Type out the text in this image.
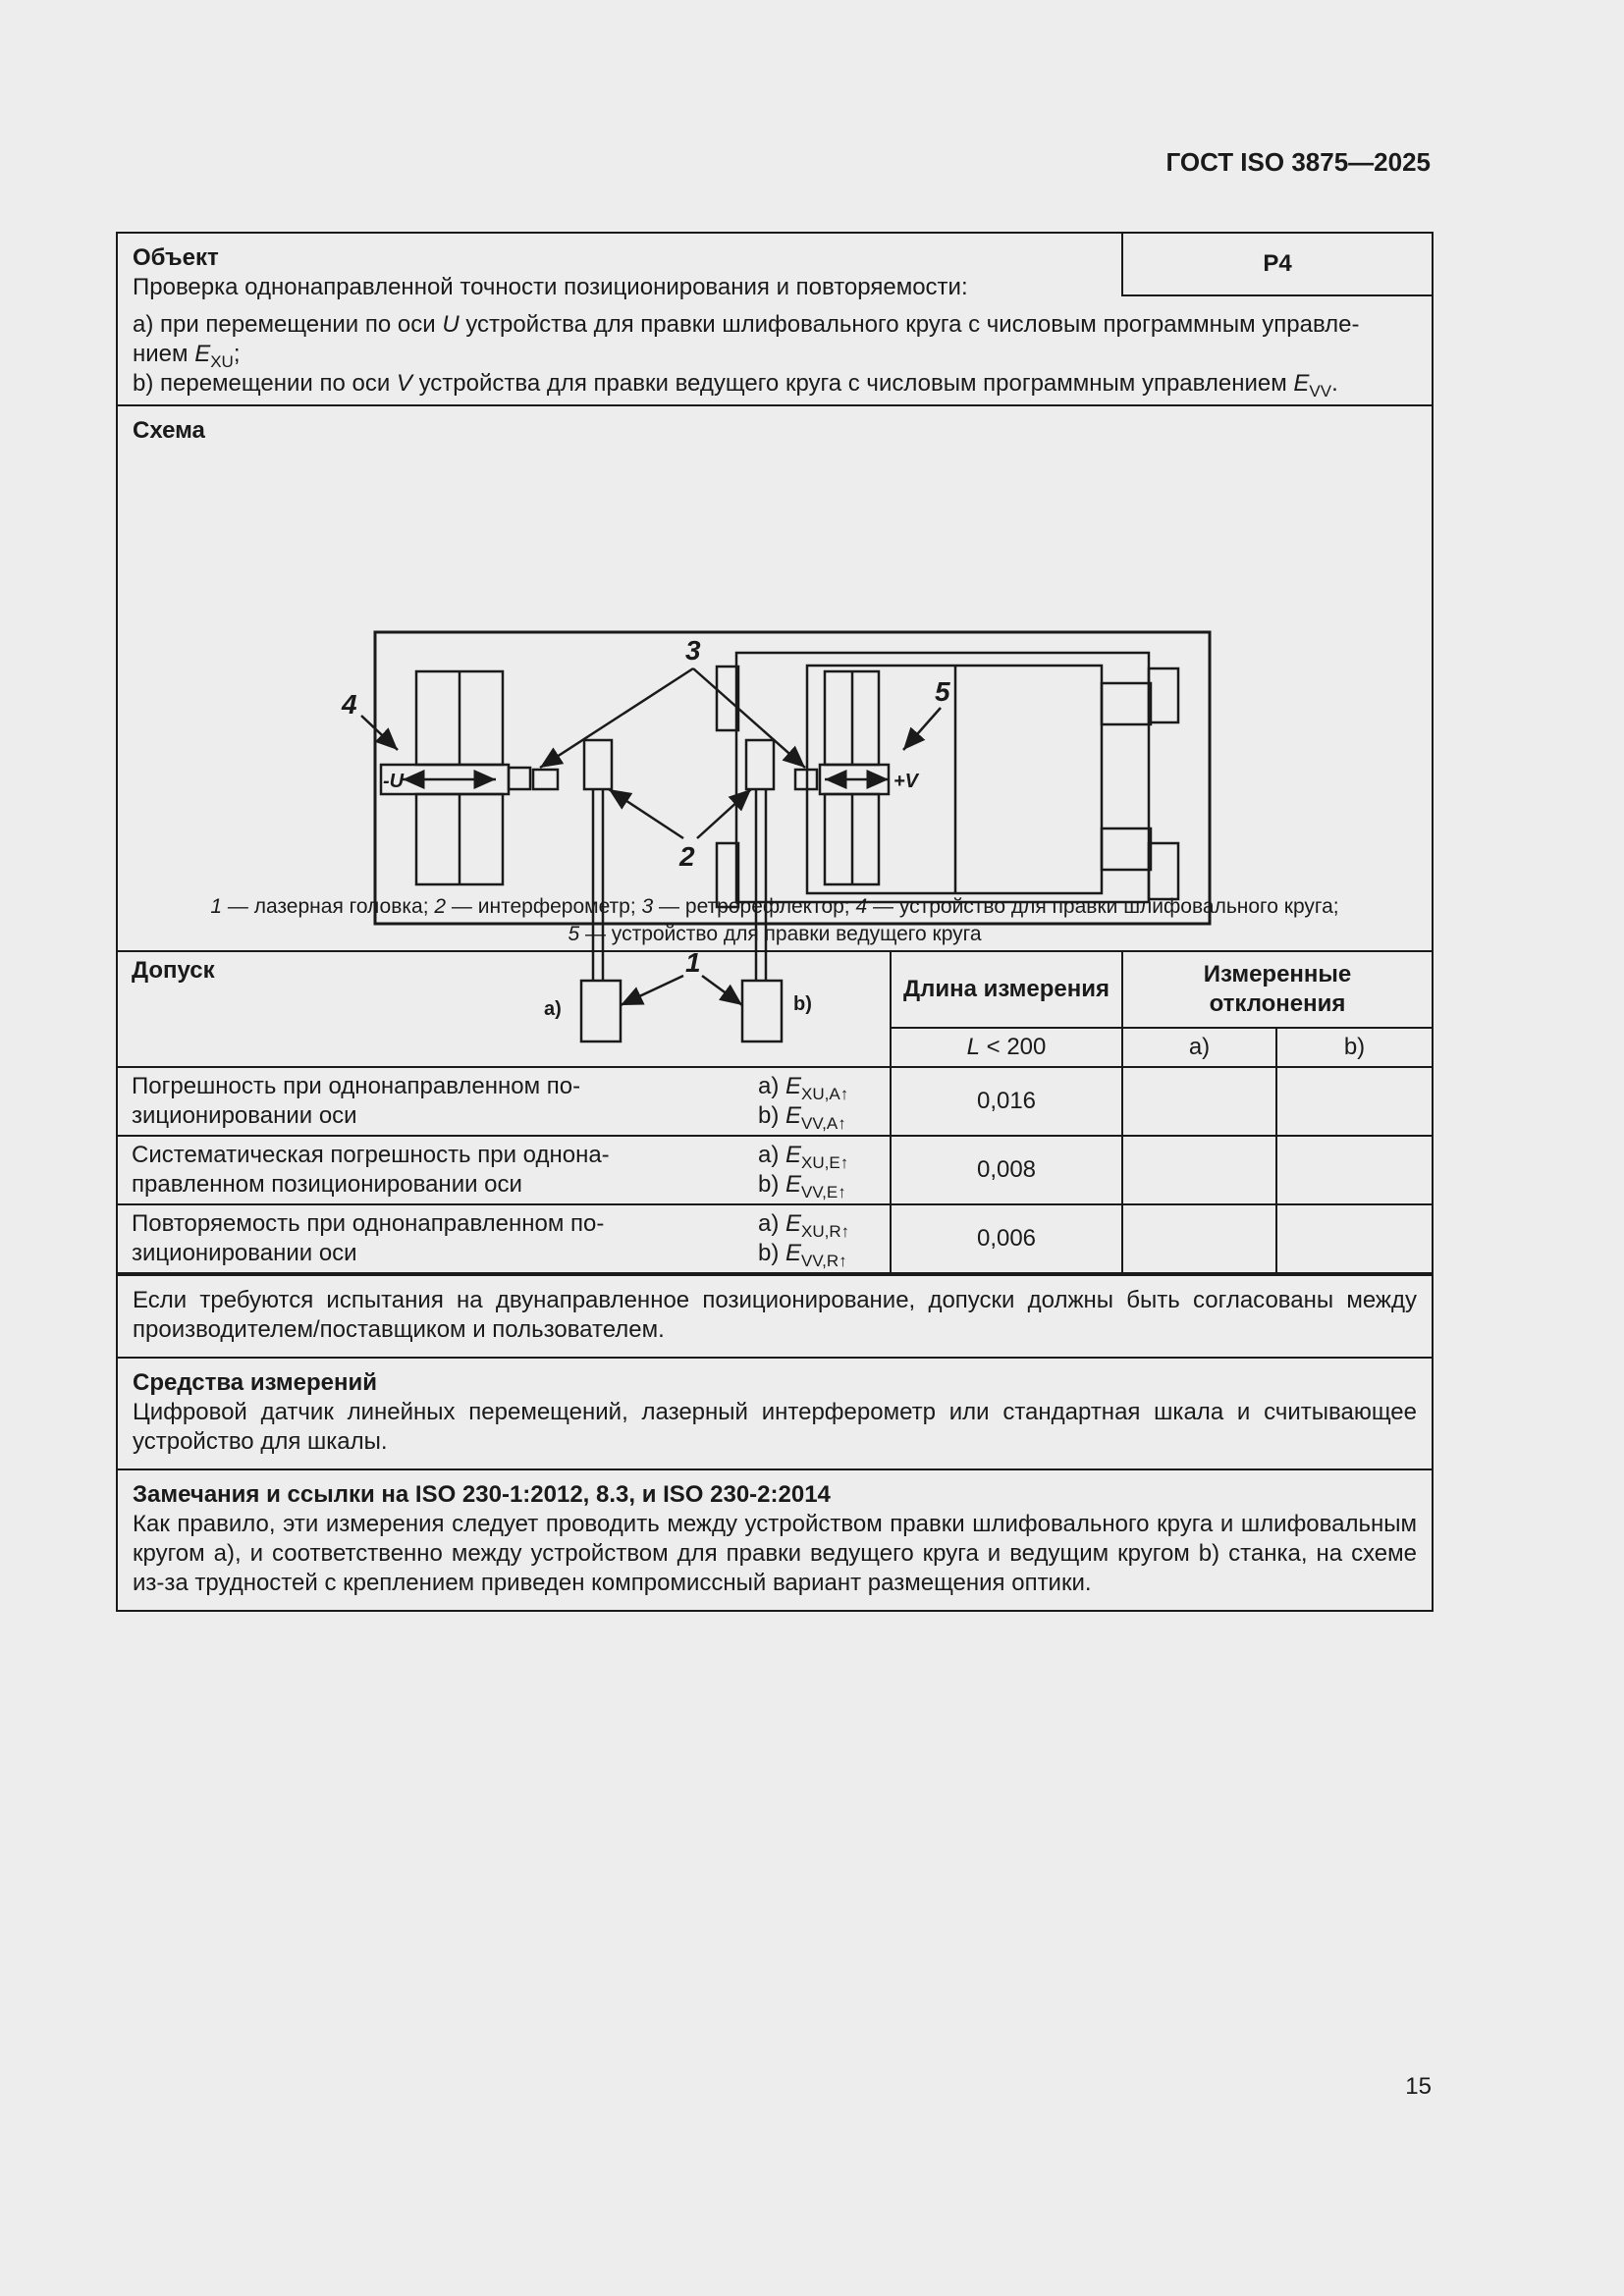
ГОСТ ISO 3875—2025

Объект

Проверка однонаправленной точности позиционирования и повторяемости:

P4

a) при перемещении по оси U устройства для правки шлифовального круга с числовым программным управле-

нием $E_{XU}$;

b) перемещении по оси V устройства для правки ведущего круга с числовым программным управлением $E_{VV}$.

Схема

3
4	5
2
1
-U	+V
a)	b)
1 — лазерная головка; 2 — интерферометр; 3 — ретрорефлектор; 4 — устройство для правки шлифовального круга;
5 — устройство для правки ведущего круга
Допуск	Длина измерения	Измеренные отклонения	
	L < 200	a)	b)

Погрешность при однонаправленном по-зиционировании оси
a) $E_{XU,A↑}$
b) $E_{VV,A↑}$	0,016		

Систематическая погрешность при однона-правленном позиционировании оси
a) $E_{XU,E↑}$
b) $E_{VV,E↑}$	0,008		

Повторяемость при однонаправленном по-зиционировании оси
a) $E_{XU,R↑}$
b) $E_{VV,R↑}$	0,006		

Если требуются испытания на двунаправленное позиционирование, допуски должны быть согласованы между производителем/поставщиком и пользователем.

Средства измерений

Цифровой датчик линейных перемещений, лазерный интерферометр или стандартная шкала и считывающее устройство для шкалы.

Замечания и ссылки на ISO 230-1:2012, 8.3, и ISO 230-2:2014

Как правило, эти измерения следует проводить между устройством правки шлифовального круга и шлифовальным кругом a), и соответственно между устройством для правки ведущего круга и ведущим кругом b) станка, на схеме из-за трудностей с креплением приведен компромиссный вариант размещения оптики.

15
